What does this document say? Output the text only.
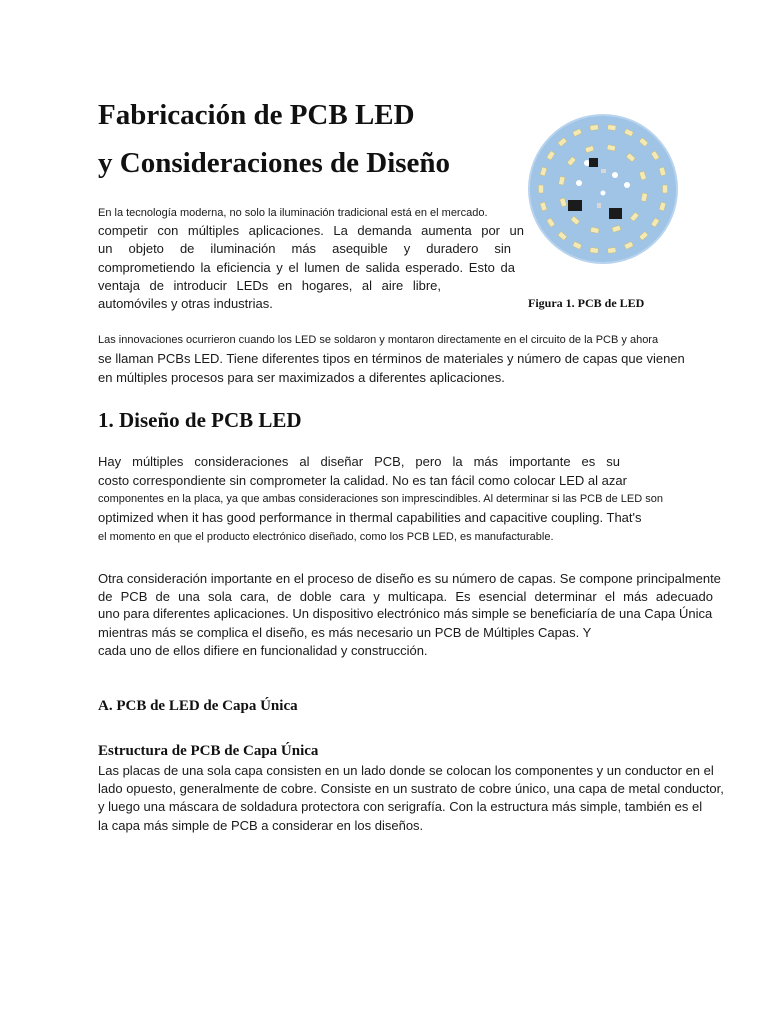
Fabricación de PCB LED
y Consideraciones de Diseño

En la tecnología moderna, no solo la iluminación tradicional está en el mercado.

competir con múltiples aplicaciones. La demanda aumenta por un

un objeto de iluminación más asequible y duradero sin

comprometiendo la eficiencia y el lumen de salida esperado. Esto da

ventaja de introducir LEDs en hogares, al aire libre,

automóviles y otras industrias.	Figura 1. PCB de LED

Las innovaciones ocurrieron cuando los LED se soldaron y montaron directamente en el circuito de la PCB y ahora

se llaman PCBs LED. Tiene diferentes tipos en términos de materiales y número de capas que vienen

en múltiples procesos para ser maximizados a diferentes aplicaciones.

1. Diseño de PCB LED

Hay múltiples consideraciones al diseñar PCB, pero la más importante es su

costo correspondiente sin comprometer la calidad. No es tan fácil como colocar LED al azar

componentes en la placa, ya que ambas consideraciones son imprescindibles. Al determinar si las PCB de LED son

optimized when it has good performance in thermal capabilities and capacitive coupling. That's

el momento en que el producto electrónico diseñado, como los PCB LED, es manufacturable.

Otra consideración importante en el proceso de diseño es su número de capas. Se compone principalmente

de PCB de una sola cara, de doble cara y multicapa. Es esencial determinar el más adecuado

uno para diferentes aplicaciones. Un dispositivo electrónico más simple se beneficiaría de una Capa Única

mientras más se complica el diseño, es más necesario un PCB de Múltiples Capas. Y

cada uno de ellos difiere en funcionalidad y construcción.

A. PCB de LED de Capa Única
Estructura de PCB de Capa Única

Las placas de una sola capa consisten en un lado donde se colocan los componentes y un conductor en el

lado opuesto, generalmente de cobre. Consiste en un sustrato de cobre único, una capa de metal conductor,

y luego una máscara de soldadura protectora con serigrafía. Con la estructura más simple, también es el

la capa más simple de PCB a considerar en los diseños.
